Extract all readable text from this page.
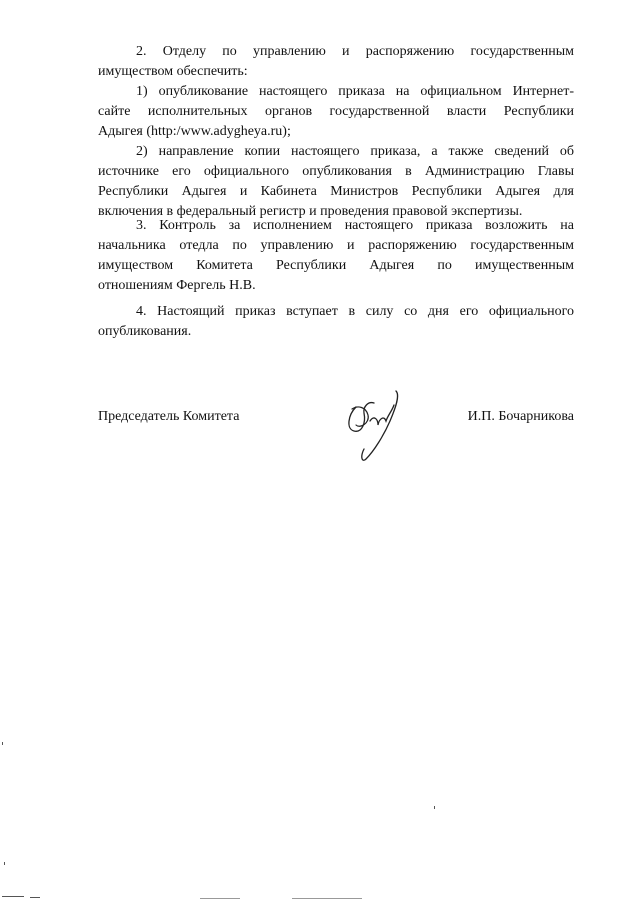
2. Отделу по управлению и распоряжению государственным
имуществом обеспечить:
1) опубликование настоящего приказа на официальном Интернет-
сайте исполнительных органов государственной власти Республики
Адыгея (http:/www.adygheya.ru);
2) направление копии настоящего приказа, а также сведений об
источнике его официального опубликования в Администрацию Главы
Республики Адыгея и Кабинета Министров Республики Адыгея для
включения в федеральный регистр и проведения правовой экспертизы.
3. Контроль за исполнением настоящего приказа возложить на
начальника отедла по управлению и распоряжению государственным
имуществом Комитета Республики Адыгея по имущественным
отношениям Фергель Н.В.
4. Настоящий приказ вступает в силу со дня его официального
опубликования.
Председатель Комитета	И.П. Бочарникова
